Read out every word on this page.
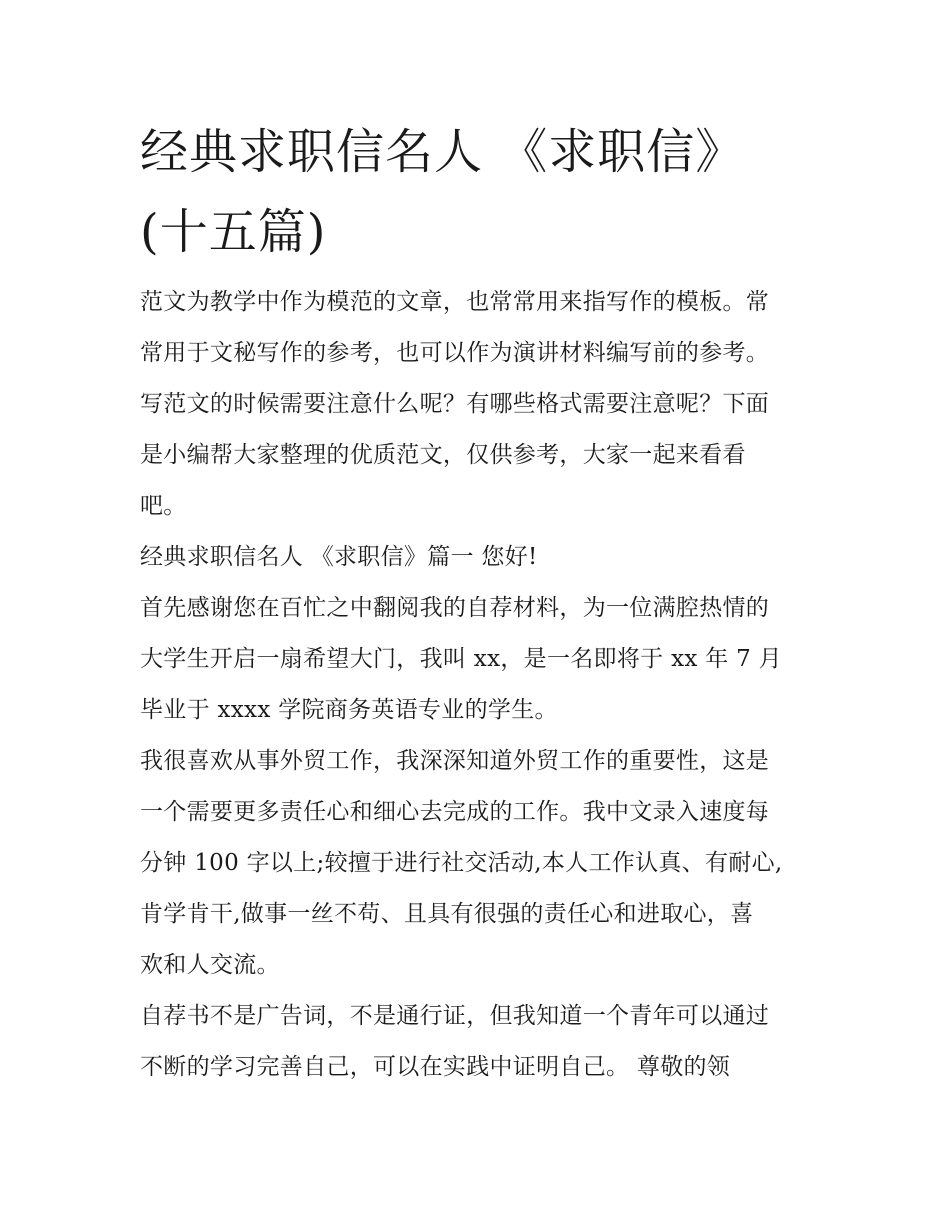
经典求职信名人 《求职信》
(十五篇)
范文为教学中作为模范的文章，也常常用来指写作的模板。常
常用于文秘写作的参考，也可以作为演讲材料编写前的参考。
写范文的时候需要注意什么呢？有哪些格式需要注意呢？下面
是小编帮大家整理的优质范文，仅供参考，大家一起来看看
吧。
经典求职信名人 《求职信》篇一 您好!
首先感谢您在百忙之中翻阅我的自荐材料，为一位满腔热情的
大学生开启一扇希望大门，我叫 xx，是一名即将于 xx 年 7 月
毕业于 xxxx 学院商务英语专业的学生。
我很喜欢从事外贸工作，我深深知道外贸工作的重要性，这是
一个需要更多责任心和细心去完成的工作。我中文录入速度每
分钟 100 字以上;较擅于进行社交活动,本人工作认真、有耐心,
肯学肯干,做事一丝不苟、且具有很强的责任心和进取心，喜
欢和人交流。
自荐书不是广告词，不是通行证，但我知道一个青年可以通过
不断的学习完善自己，可以在实践中证明自己。 尊敬的领
